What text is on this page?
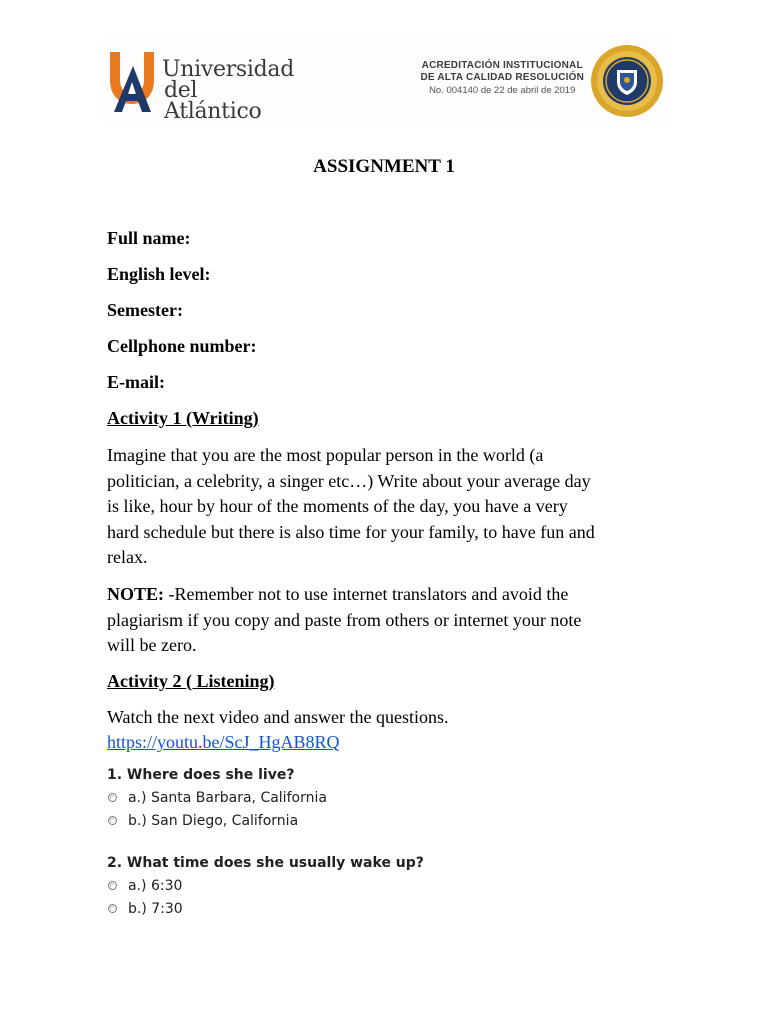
Universidad
del Atlántico
ACREDITACIÓN INSTITUCIONAL
DE ALTA CALIDAD RESOLUCIÓN
No. 004140 de 22 de abril de 2019
ASSIGNMENT 1
Full name:
English level:
Semester:
Cellphone number:
E-mail:
Activity 1 (Writing)
Imagine that you are the most popular person in the world (a
politician, a celebrity, a singer etc…) Write about your average day
is like, hour by hour of the moments of the day, you have a very
hard schedule but there is also time for your family, to have fun and
relax.
NOTE: -Remember not to use internet translators and avoid the
plagiarism if you copy and paste from others or internet your note
will be zero.
Activity 2 ( Listening)
Watch the next video and answer the questions.
https://youtu.be/ScJ_HgAB8RQ
1. Where does she live?
a.) Santa Barbara, California
b.) San Diego, California
2. What time does she usually wake up?
a.) 6:30
b.) 7:30
